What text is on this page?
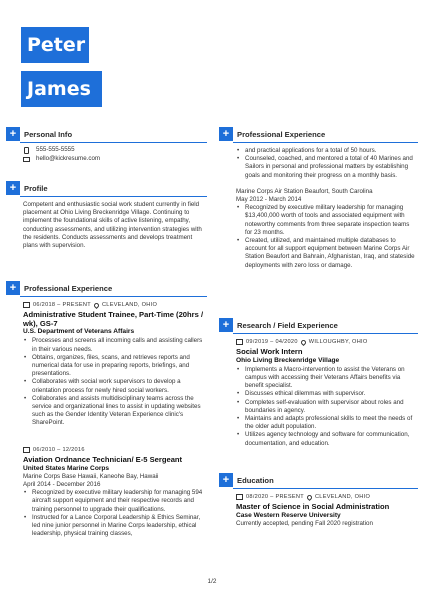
Peter
James
+	Personal Info
555-555-5555
hello@kickresume.com
+	Profile
Competent and enthusiastic social work student currently in field placement at Ohio Living Breckenridge Village. Continuing to implement the foundational skills of active listening, empathy, conducting assessments, and utilizing intervention strategies with the residents. Conducts assessments and develops treatment plans with supervision.
+	Professional Experience
06/2018 – PRESENT CLEVELAND, OHIO
Administrative Student Trainee, Part-Time (20hrs / wk), GS-7
U.S. Department of Veterans Affairs
• Processes and screens all incoming calls and assisting callers in their various needs.
• Obtains, organizes, files, scans, and retrieves reports and numerical data for use in preparing reports, briefings, and presentations.
• Collaborates with social work supervisors to develop a orientation process for newly hired social workers.
• Collaborates and assists multidisciplinary teams across the service and organizational lines to assist in updating websites such as the Gender Identity Veteran Experience clinic's SharePoint.
06/2010 – 12/2016
Aviation Ordnance Technician/ E-5 Sergeant
United States Marine Corps
Marine Corps Base Hawaii, Kaneohe Bay, Hawaii
April 2014 - December 2016
• Recognized by executive military leadership for managing 594 aircraft support equipment and their respective records and training personnel to upgrade their qualifications.
• Instructed for a Lance Corporal Leadership & Ethics Seminar, led nine junior personnel in Marine Corps leadership, ethical leadership, physical training classes,
+	Professional Experience
• and practical applications for a total of 50 hours.
• Counseled, coached, and mentored a total of 40 Marines and Sailors in personal and professional matters by establishing goals and monitoring their progress on a monthly basis.
Marine Corps Air Station Beaufort, South Carolina
May 2012 - March 2014
• Recognized by executive military leadership for managing $13,400,000 worth of tools and associated equipment with noteworthy comments from three separate inspection teams for 23 months.
• Created, utilized, and maintained multiple databases to account for all support equipment between Marine Corps Air Station Beaufort and Bahrain, Afghanistan, Iraq, and stateside deployments with zero loss or damage.
+	Research / Field Experience
09/2019 – 04/2020 WILLOUGHBY, OHIO
Social Work Intern
Ohio Living Breckenridge Village
• Implements a Macro-intervention to assist the Veterans on campus with accessing their Veterans Affairs benefits via benefit specialist.
• Discusses ethical dilemmas with supervisor.
• Completes self-evaluation with supervisor about roles and boundaries in agency.
• Maintains and adapts professional skills to meet the needs of the older adult population.
• Utilizes agency technology and software for communication, documentation, and education.
+	Education
08/2020 – PRESENT CLEVELAND, OHIO
Master of Science in Social Administration
Case Western Reserve University
Currently accepted, pending Fall 2020 registration
1/2
